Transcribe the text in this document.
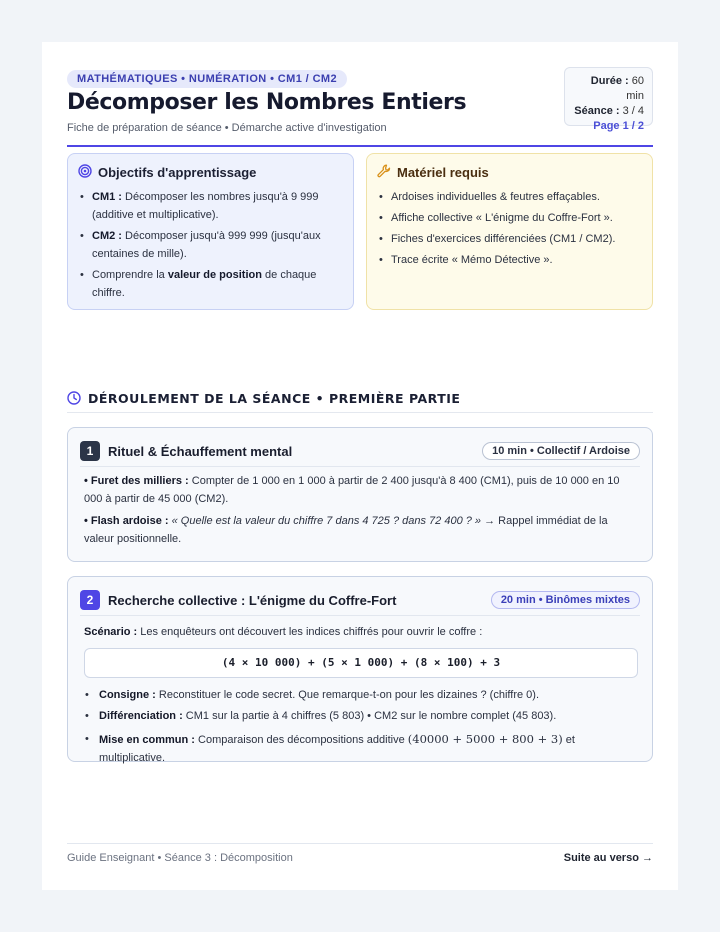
MATHÉMATIQUES • NUMÉRATION • CM1 / CM2
Décomposer les Nombres Entiers
Fiche de préparation de séance • Démarche active d'investigation
Durée : 60 min
Séance : 3 / 4
Page 1 / 2
Objectifs d'apprentissage
• CM1 : Décomposer les nombres jusqu'à 9 999 (additive et multiplicative).
• CM2 : Décomposer jusqu'à 999 999 (jusqu'aux centaines de mille).
• Comprendre la valeur de position de chaque chiffre.
Matériel requis
• Ardoises individuelles & feutres effaçables.
• Affiche collective « L'énigme du Coffre-Fort ».
• Fiches d'exercices différenciées (CM1 / CM2).
• Trace écrite « Mémo Détective ».
DÉROULEMENT DE LA SÉANCE • PREMIÈRE PARTIE
1	Rituel & Échauffement mental	10 min • Collectif / Ardoise

• Furet des milliers : Compter de 1 000 en 1 000 à partir de 2 400 jusqu'à 8 400 (CM1), puis de 10 000 en 10 000 à partir de 45 000 (CM2).

• Flash ardoise : « Quelle est la valeur du chiffre 7 dans 4 725 ? dans 72 400 ? » → Rappel immédiat de la valeur positionnelle.

2	Recherche collective : L'énigme du Coffre-Fort	20 min • Binômes mixtes

Scénario : Les enquêteurs ont découvert les indices chiffrés pour ouvrir le coffre :

(4 × 10 000) + (5 × 1 000) + (8 × 100) + 3
• Consigne : Reconstituer le code secret. Que remarque-t-on pour les dizaines ? (chiffre 0).
• Différenciation : CM1 sur la partie à 4 chiffres (5 803) • CM2 sur le nombre complet (45 803).
• Mise en commun : Comparaison des décompositions additive (40000 + 5000 + 800 + 3) et multiplicative.
Guide Enseignant • Séance 3 : Décomposition	Suite au verso →
